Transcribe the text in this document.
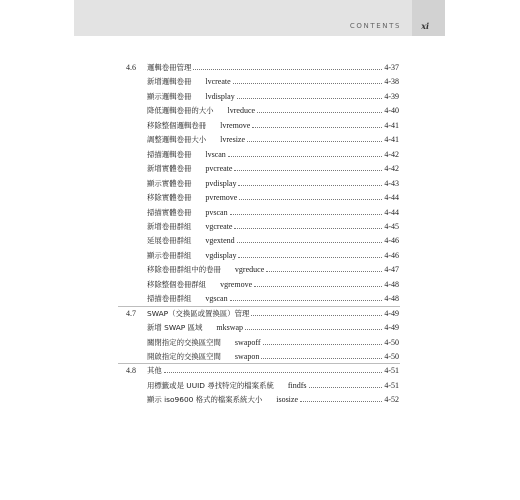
CONTENTS	xi
4.6 邏輯卷冊管理	4-37
新增邏輯卷冊 lvcreate	4-38
顯示邏輯卷冊 lvdisplay	4-39
降低邏輯卷冊的大小 lvreduce	4-40
移除整個邏輯卷冊 lvremove	4-41
調整邏輯卷冊大小 lvresize	4-41
掃描邏輯卷冊 lvscan	4-42
新增實體卷冊 pvcreate	4-42
顯示實體卷冊 pvdisplay	4-43
移除實體卷冊 pvremove	4-44
掃描實體卷冊 pvscan	4-44
新增卷冊群組 vgcreate	4-45
延展卷冊群組 vgextend	4-46
顯示卷冊群組 vgdisplay	4-46
移除卷冊群組中的卷冊 vgreduce	4-47
移除整個卷冊群組 vgremove	4-48
掃描卷冊群組 vgscan	4-48
4.7 SWAP（交換區或置換區）管理	4-49
新增 SWAP 區域 mkswap	4-49
關閉指定的交換區空間 swapoff	4-50
開啟指定的交換區空間 swapon	4-50
4.8 其他	4-51
用標籤或是 UUID 尋找特定的檔案系統 findfs	4-51
顯示 iso9600 格式的檔案系統大小 isosize	4-52
